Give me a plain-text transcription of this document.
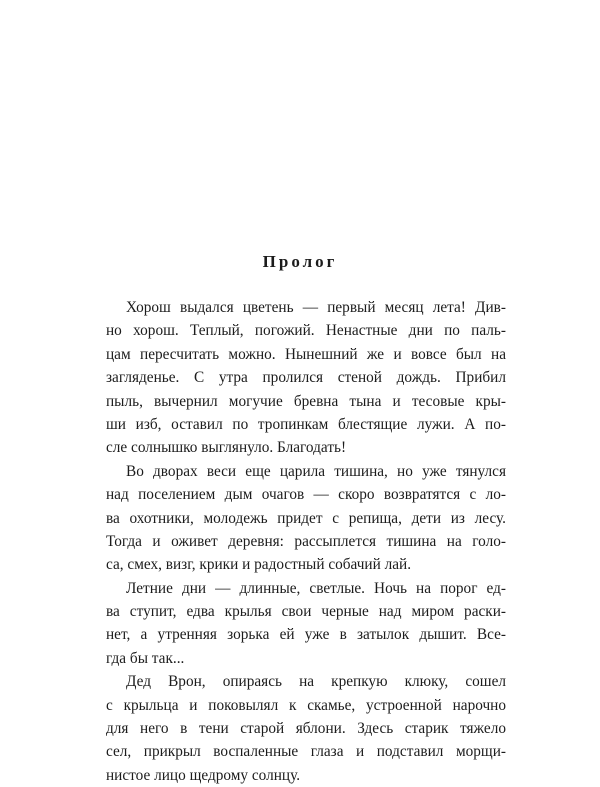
Пролог
Хорош выдался цветень — первый месяц лета! Див-
но хорош. Теплый, погожий. Ненастные дни по паль-
цам пересчитать можно. Нынешний же и вовсе был на
загляденье. С утра пролился стеной дождь. Прибил
пыль, вычернил могучие бревна тына и тесовые кры-
ши изб, оставил по тропинкам блестящие лужи. А по-
сле солнышко выглянуло. Благодать!
Во дворах веси еще царила тишина, но уже тянулся
над поселением дым очагов — скоро возвратятся с ло-
ва охотники, молодежь придет с репища, дети из лесу.
Тогда и оживет деревня: рассыплется тишина на голо-
са, смех, визг, крики и радостный собачий лай.
Летние дни — длинные, светлые. Ночь на порог ед-
ва ступит, едва крылья свои черные над миром раски-
нет, а утренняя зорька ей уже в затылок дышит. Все-
гда бы так...
Дед Врон, опираясь на крепкую клюку, сошел
с крыльца и поковылял к скамье, устроенной нарочно
для него в тени старой яблони. Здесь старик тяжело
сел, прикрыл воспаленные глаза и подставил морщи-
нистое лицо щедрому солнцу.
